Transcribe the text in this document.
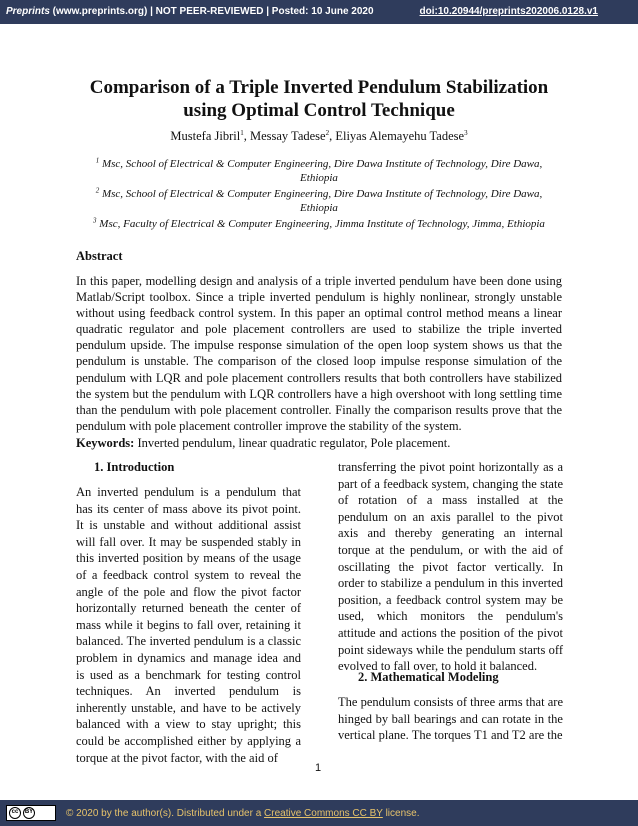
Preprints (www.preprints.org) | NOT PEER-REVIEWED | Posted: 10 June 2020	doi:10.20944/preprints202006.0128.v1
Comparison of a Triple Inverted Pendulum Stabilization
using Optimal Control Technique
Mustefa Jibril$^1$, Messay Tadese$^2$, Eliyas Alemayehu Tadese$^3$
$^1$ Msc, School of Electrical & Computer Engineering, Dire Dawa Institute of Technology, Dire Dawa, Ethiopia
$^2$ Msc, School of Electrical & Computer Engineering, Dire Dawa Institute of Technology, Dire Dawa, Ethiopia
$^3$ Msc, Faculty of Electrical & Computer Engineering, Jimma Institute of Technology, Jimma, Ethiopia
Abstract

In this paper, modelling design and analysis of a triple inverted pendulum have been done using Matlab/Script toolbox. Since a triple inverted pendulum is highly nonlinear, strongly unstable without using feedback control system. In this paper an optimal control method means a linear quadratic regulator and pole placement controllers are used to stabilize the triple inverted pendulum upside. The impulse response simulation of the open loop system shows us that the pendulum is unstable. The comparison of the closed loop impulse response simulation of the pendulum with LQR and pole placement controllers results that both controllers have stabilized the system but the pendulum with LQR controllers have a high overshoot with long settling time than the pendulum with pole placement controller. Finally the comparison results prove that the pendulum with pole placement controller improve the stability of the system.

Keywords: Inverted pendulum, linear quadratic regulator, Pole placement.
1. Introduction

An inverted pendulum is a pendulum that has its center of mass above its pivot point. It is unstable and without additional assist will fall over. It may be suspended stably in this inverted position by means of the usage of a feedback control system to reveal the angle of the pole and flow the pivot factor horizontally returned beneath the center of mass while it begins to fall over, retaining it balanced. The inverted pendulum is a classic problem in dynamics and manage idea and is used as a benchmark for testing control techniques. An inverted pendulum is inherently unstable, and have to be actively balanced with a view to stay upright; this could be accomplished either by applying a torque at the pivot factor, with the aid of

transferring the pivot point horizontally as a part of a feedback system, changing the state of rotation of a mass installed at the pendulum on an axis parallel to the pivot axis and thereby generating an internal torque at the pendulum, or with the aid of oscillating the pivot factor vertically. In order to stabilize a pendulum in this inverted position, a feedback control system may be used, which monitors the pendulum's attitude and actions the position of the pivot point sideways while the pendulum starts off evolved to fall over, to hold it balanced.

2. Mathematical Modeling

The pendulum consists of three arms that are hinged by ball bearings and can rotate in the vertical plane. The torques T1 and T2 are the

1
cc	BY	© 2020 by the author(s). Distributed under a Creative Commons CC BY license.
